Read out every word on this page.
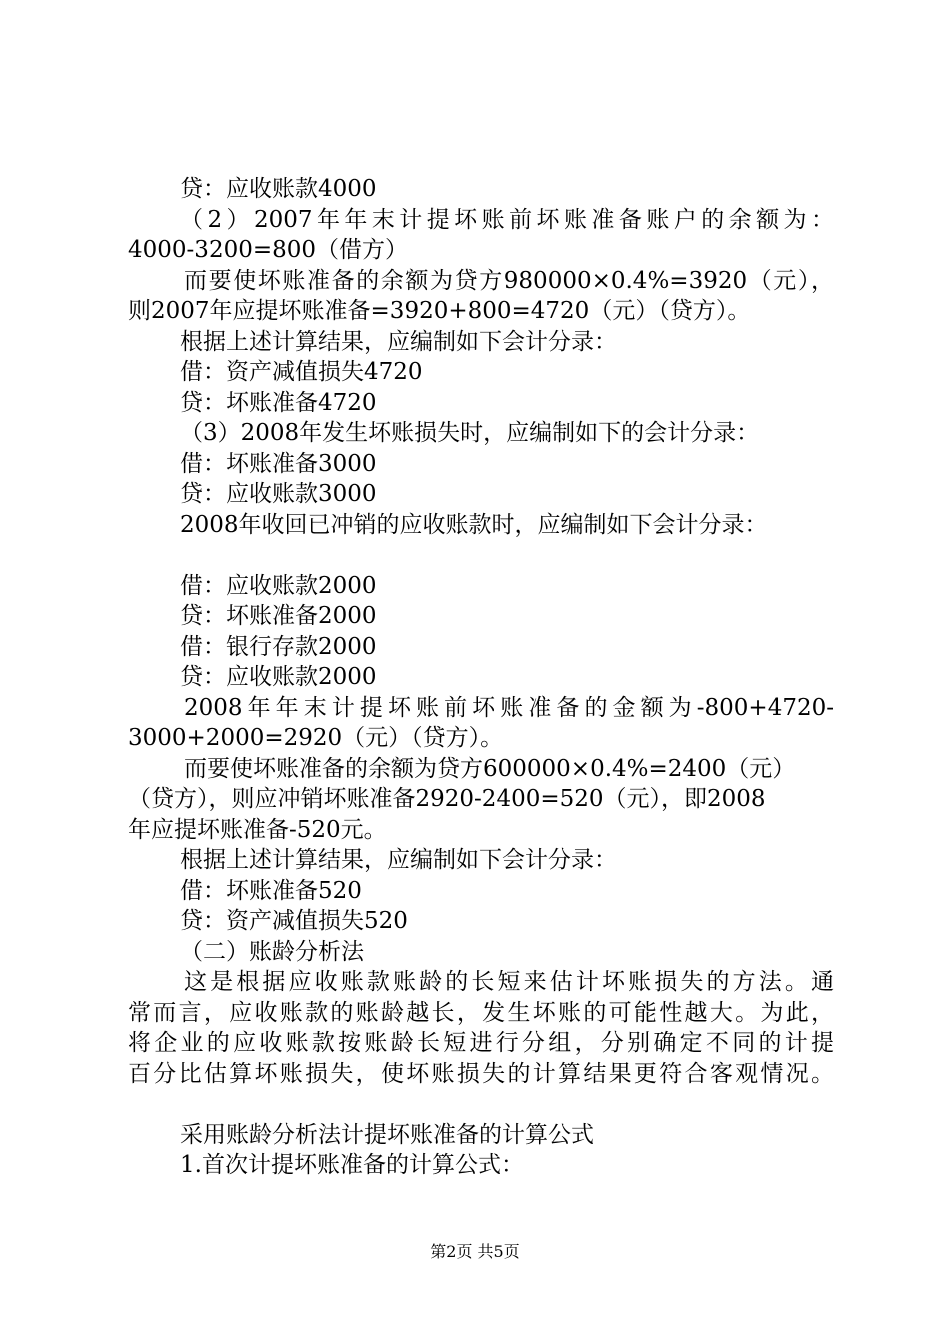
贷：应收账款4000
（2）2007年年末计提坏账前坏账准备账户的余额为：
4000-3200=800（借方）
而要使坏账准备的余额为贷方980000×0.4%=3920（元），
则2007年应提坏账准备=3920+800=4720（元）（贷方）。
根据上述计算结果，应编制如下会计分录：
借：资产减值损失4720
贷：坏账准备4720
（3）2008年发生坏账损失时，应编制如下的会计分录：
借：坏账准备3000
贷：应收账款3000
2008年收回已冲销的应收账款时，应编制如下会计分录：
借：应收账款2000
贷：坏账准备2000
借：银行存款2000
贷：应收账款2000
2008年年末计提坏账前坏账准备的金额为-800+4720-
3000+2000=2920（元）（贷方）。
而要使坏账准备的余额为贷方600000×0.4%=2400（元）
（贷方），则应冲销坏账准备2920-2400=520（元），即2008
年应提坏账准备-520元。
根据上述计算结果，应编制如下会计分录：
借：坏账准备520
贷：资产减值损失520
（二）账龄分析法
这是根据应收账款账龄的长短来估计坏账损失的方法。通
常而言，应收账款的账龄越长，发生坏账的可能性越大。为此，
将企业的应收账款按账龄长短进行分组，分别确定不同的计提
百分比估算坏账损失，使坏账损失的计算结果更符合客观情况。
采用账龄分析法计提坏账准备的计算公式
1.首次计提坏账准备的计算公式：
第2页 共5页
